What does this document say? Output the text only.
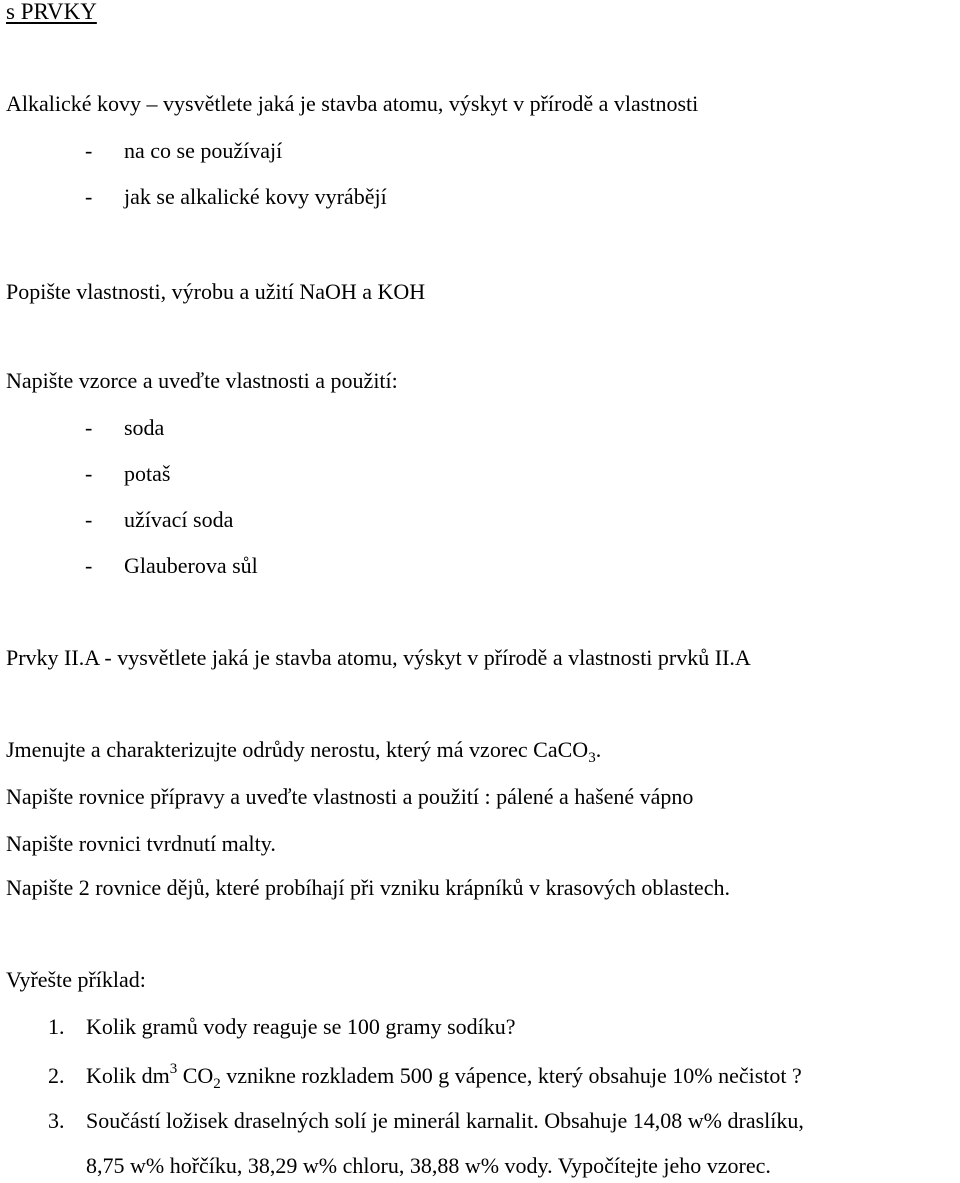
s PRVKY
Alkalické kovy – vysvětlete jaká je stavba atomu, výskyt v přírodě a vlastnosti
- na co se používají
- jak se alkalické kovy vyrábějí
Popište vlastnosti, výrobu a užití NaOH a KOH
Napište vzorce a uveďte vlastnosti a použití:
- soda
- potaš
- užívací soda
- Glauberova sůl
Prvky II.A - vysvětlete jaká je stavba atomu, výskyt v přírodě a vlastnosti prvků II.A
Jmenujte a charakterizujte odrůdy nerostu, který má vzorec CaCO$_3$.
Napište rovnice přípravy a uveďte vlastnosti a použití : pálené a hašené vápno
Napište rovnici tvrdnutí malty.
Napište 2 rovnice dějů, které probíhají při vzniku krápníků v krasových oblastech.
Vyřešte příklad:
1. Kolik gramů vody reaguje se 100 gramy sodíku?
2. Kolik $dm^3$ $CO_2$ vznikne rozkladem 500 g vápence, který obsahuje 10% nečistot ?
3. Součástí ložisek draselných solí je minerál karnalit. Obsahuje 14,08 w% draslíku,
8,75 w% hořčíku, 38,29 w% chloru, 38,88 w% vody. Vypočítejte jeho vzorec.
